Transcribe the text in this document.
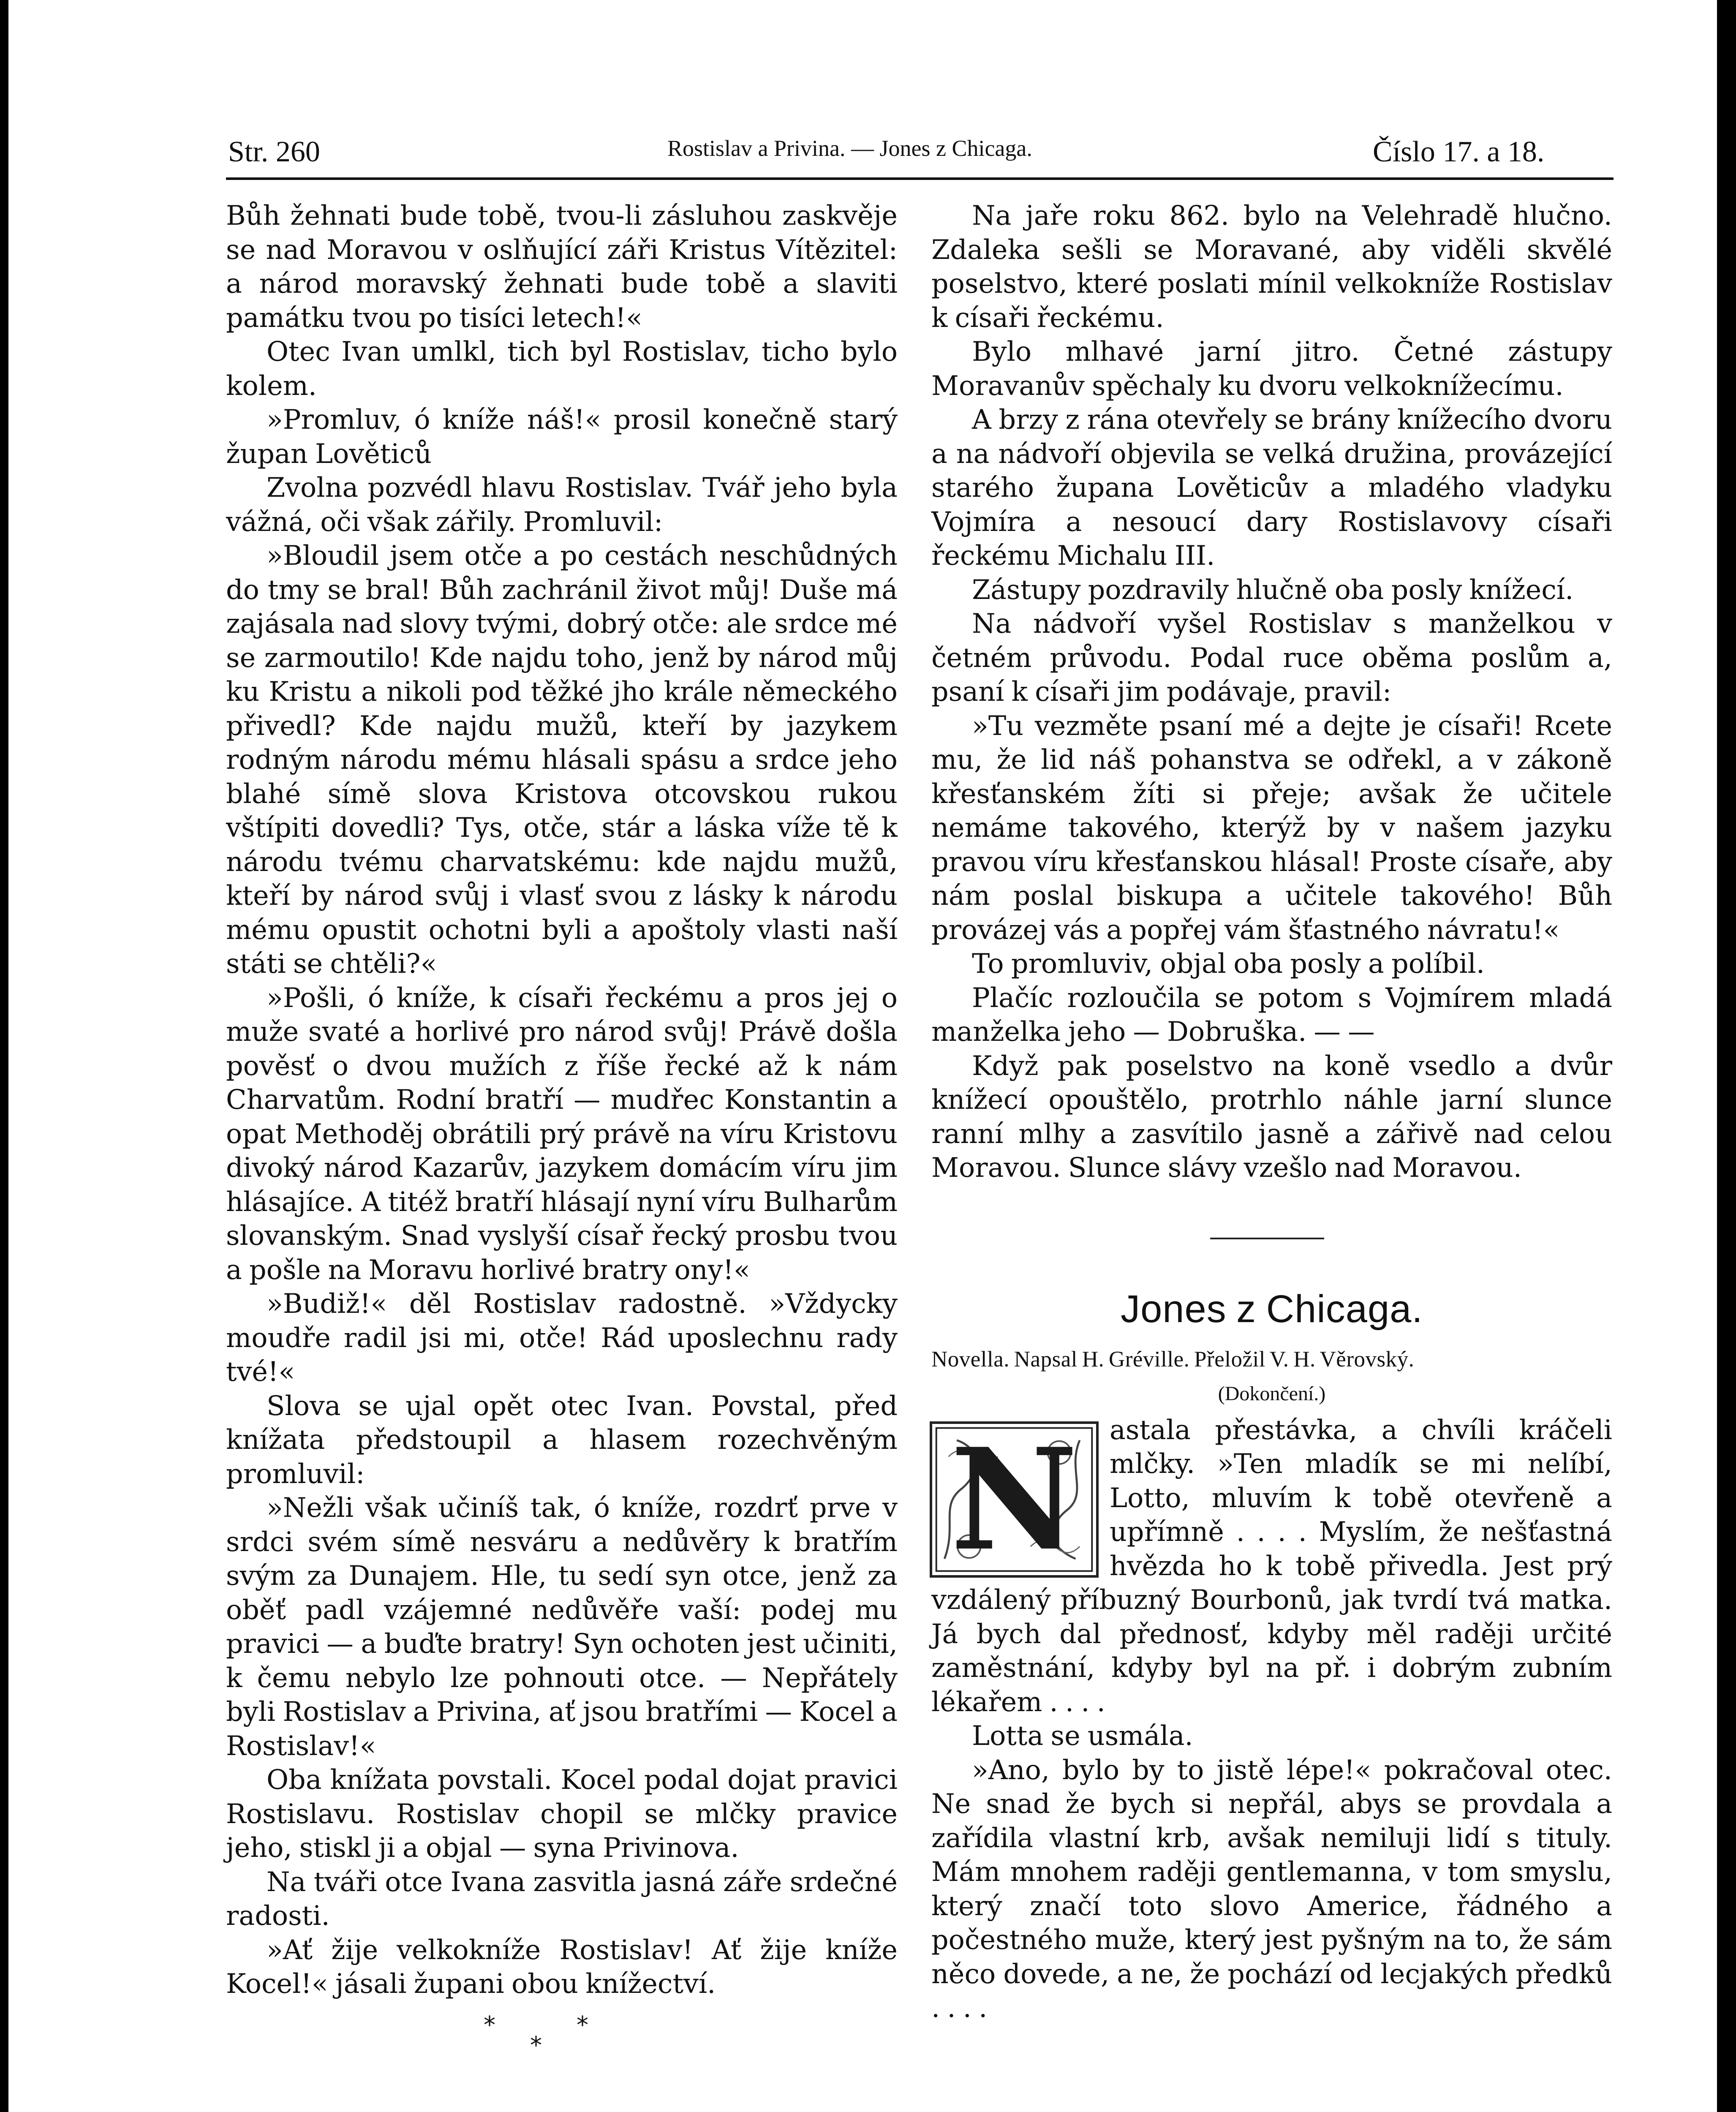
Str. 260	Rostislav a Privina. — Jones z Chicaga.	Číslo 17. a 18.

Bůh žehnati bude tobě, tvou-li zásluhou zaskvěje se nad Moravou v oslňující záři Kristus Vítězitel: a národ moravský žehnati bude tobě a slaviti památku tvou po tisíci letech!«

Otec Ivan umlkl, tich byl Rostislav, ticho bylo kolem.

»Promluv, ó kníže náš!« prosil konečně starý župan Lověticů

Zvolna pozvédl hlavu Rostislav. Tvář jeho byla vážná, oči však zářily. Promluvil:

»Bloudil jsem otče a po cestách neschůdných do tmy se bral! Bůh zachránil život můj! Duše má zajásala nad slovy tvými, dobrý otče: ale srdce mé se zarmoutilo! Kde najdu toho, jenž by národ můj ku Kristu a nikoli pod těžké jho krále německého přivedl? Kde najdu mužů, kteří by jazykem rodným národu mému hlásali spásu a srdce jeho blahé símě slova Kristova otcovskou rukou vštípiti dovedli? Tys, otče, stár a láska víže tě k národu tvému charvatskému: kde najdu mužů, kteří by národ svůj i vlasť svou z lásky k národu mému opustit ochotni byli a apoštoly vlasti naší státi se chtěli?«

»Pošli, ó kníže, k císaři řeckému a pros jej o muže svaté a horlivé pro národ svůj! Právě došla pověsť o dvou mužích z říše řecké až k nám Charvatům. Rodní bratří — mudřec Konstantin a opat Methoděj obrátili prý právě na víru Kristovu divoký národ Kazarův, jazykem domácím víru jim hlásajíce. A titéž bratří hlásají nyní víru Bulharům slovanským. Snad vyslyší císař řecký prosbu tvou a pošle na Moravu horlivé bratry ony!«

»Budiž!« děl Rostislav radostně. »Vždycky moudře radil jsi mi, otče! Rád uposlechnu rady tvé!«

Slova se ujal opět otec Ivan. Povstal, před knížata předstoupil a hlasem rozechvěným promluvil:

»Nežli však učiníš tak, ó kníže, rozdrť prve v srdci svém símě nesváru a nedůvěry k bratřím svým za Dunajem. Hle, tu sedí syn otce, jenž za oběť padl vzájemné nedůvěře vaší: podej mu pravici — a buďte bratry! Syn ochoten jest učiniti, k čemu nebylo lze pohnouti otce. — Nepřátely byli Rostislav a Privina, ať jsou bratřími — Kocel a Rostislav!«

Oba knížata povstali. Kocel podal dojat pravici Rostislavu. Rostislav chopil se mlčky pravice jeho, stiskl ji a objal — syna Privinova.

Na tváři otce Ivana zasvitla jasná záře srdečné radosti.

»Ať žije velkokníže Rostislav! Ať žije kníže Kocel!« jásali župani obou knížectví.

*
*
*

Na jaře roku 862. bylo na Velehradě hlučno. Zdaleka sešli se Moravané, aby viděli skvělé poselstvo, které poslati mínil velkokníže Rostislav k císaři řeckému.

Bylo mlhavé jarní jitro. Četné zástupy Moravanův spěchaly ku dvoru velkoknížecímu.

A brzy z rána otevřely se brány knížecího dvoru a na nádvoří objevila se velká družina, provázející starého župana Lověticův a mladého vladyku Vojmíra a nesoucí dary Rostislavovy císaři řeckému Michalu III.

Zástupy pozdravily hlučně oba posly knížecí.

Na nádvoří vyšel Rostislav s manželkou v četném průvodu. Podal ruce oběma poslům a, psaní k císaři jim podávaje, pravil:

»Tu vezměte psaní mé a dejte je císaři! Rcete mu, že lid náš pohanstva se odřekl, a v zákoně křesťanském žíti si přeje; avšak že učitele nemáme takového, kterýž by v našem jazyku pravou víru křesťanskou hlásal! Proste císaře, aby nám poslal biskupa a učitele takového! Bůh provázej vás a popřej vám šťastného návratu!«

To promluviv, objal oba posly a políbil.

Plačíc rozloučila se potom s Vojmírem mladá manželka jeho — Dobruška. — —

Když pak poselstvo na koně vsedlo a dvůr knížecí opouštělo, protrhlo náhle jarní slunce ranní mlhy a zasvítilo jasně a zářivě nad celou Moravou. Slunce slávy vzešlo nad Moravou.

Jones z Chicaga.
Novella. Napsal H. Gréville. Přeložil V. H. Věrovský.
(Dokončení.)
N	astala přestávka, a chvíli kráčeli mlčky. »Ten mladík se mi nelíbí, Lotto, mluvím k tobě otevřeně a upřímně . . . . Myslím, že nešťastná hvězda ho k tobě přivedla. Jest prý vzdálený příbuzný Bourbonů, jak tvrdí tvá matka. Já bych dal přednosť, kdyby měl raději určité zaměstnání, kdyby byl na př. i dobrým zubním lékařem . . . .

Lotta se usmála.

»Ano, bylo by to jistě lépe!« pokračoval otec. Ne snad že bych si nepřál, abys se provdala a zařídila vlastní krb, avšak nemiluji lidí s tituly. Mám mnohem raději gentlemanna, v tom smyslu, který značí toto slovo Americe, řádného a počestného muže, který jest pyšným na to, že sám něco dovede, a ne, že pochází od lecjakých předků . . . .
